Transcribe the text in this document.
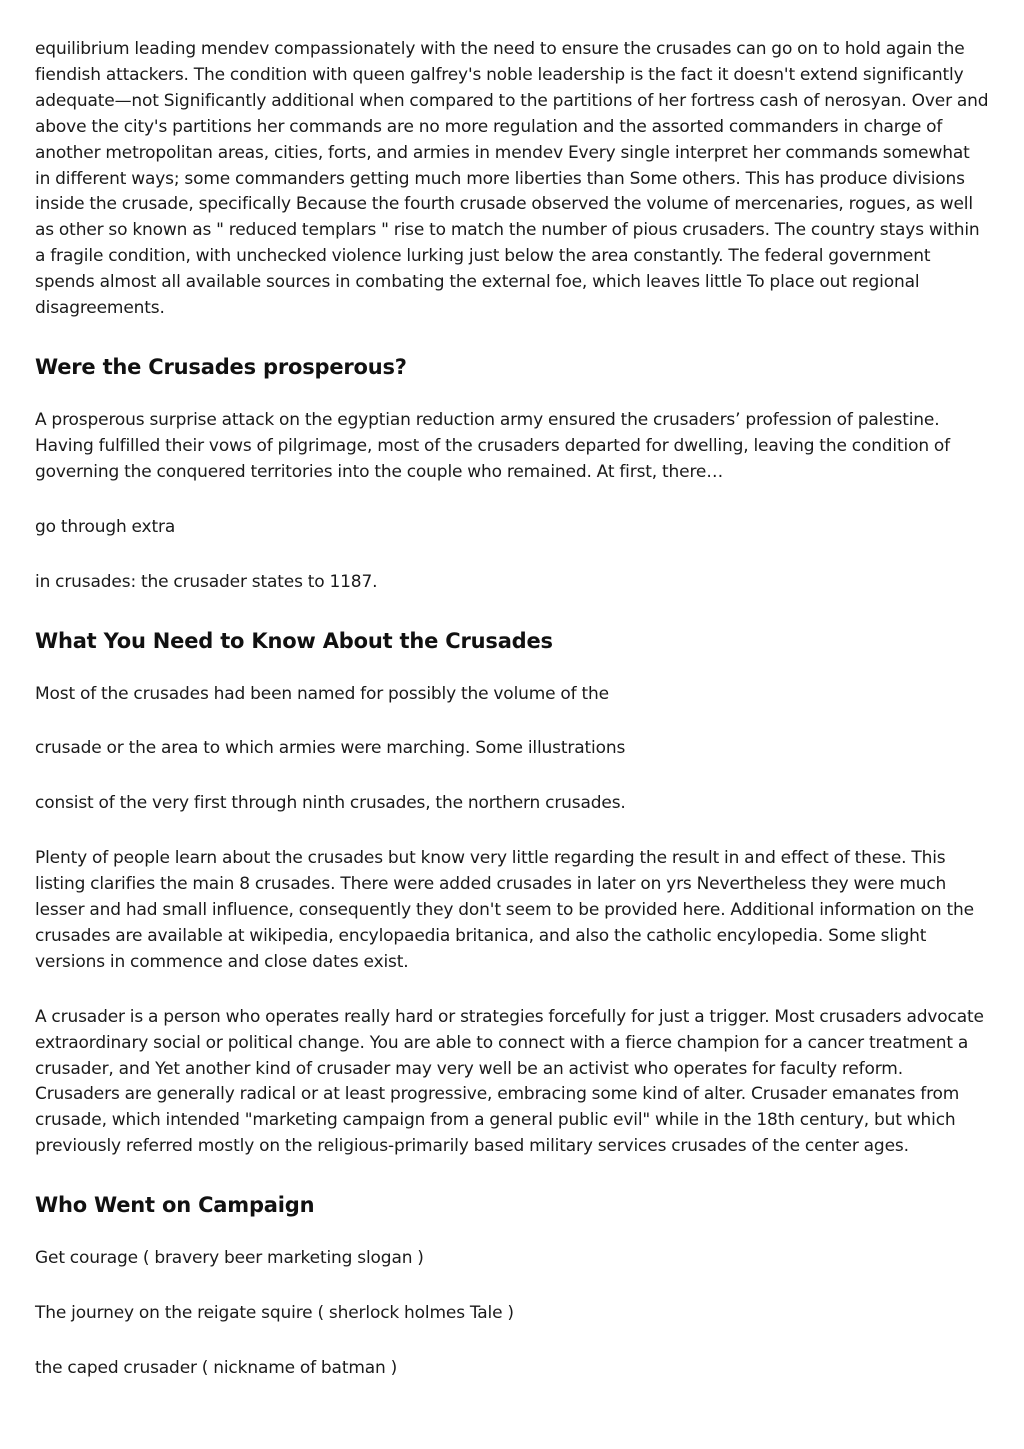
equilibrium leading mendev compassionately with the need to ensure the crusades can go on to hold again the fiendish attackers. The condition with queen galfrey's noble leadership is the fact it doesn't extend significantly adequate—not Significantly additional when compared to the partitions of her fortress cash of nerosyan. Over and above the city's partitions her commands are no more regulation and the assorted commanders in charge of another metropolitan areas, cities, forts, and armies in mendev Every single interpret her commands somewhat in different ways; some commanders getting much more liberties than Some others. This has produce divisions inside the crusade, specifically Because the fourth crusade observed the volume of mercenaries, rogues, as well as other so known as " reduced templars " rise to match the number of pious crusaders. The country stays within a fragile condition, with unchecked violence lurking just below the area constantly. The federal government spends almost all available sources in combating the external foe, which leaves little To place out regional disagreements.

Were the Crusades prosperous?

A prosperous surprise attack on the egyptian reduction army ensured the crusaders’ profession of palestine. Having fulfilled their vows of pilgrimage, most of the crusaders departed for dwelling, leaving the condition of governing the conquered territories into the couple who remained. At first, there…

go through extra

in crusades: the crusader states to 1187.

What You Need to Know About the Crusades

Most of the crusades had been named for possibly the volume of the

crusade or the area to which armies were marching. Some illustrations

consist of the very first through ninth crusades, the northern crusades.

Plenty of people learn about the crusades but know very little regarding the result in and effect of these. This listing clarifies the main 8 crusades. There were added crusades in later on yrs Nevertheless they were much lesser and had small influence, consequently they don't seem to be provided here. Additional information on the crusades are available at wikipedia, encylopaedia britanica, and also the catholic encylopedia. Some slight versions in commence and close dates exist.

A crusader is a person who operates really hard or strategies forcefully for just a trigger. Most crusaders advocate extraordinary social or political change. You are able to connect with a fierce champion for a cancer treatment a crusader, and Yet another kind of crusader may very well be an activist who operates for faculty reform. Crusaders are generally radical or at least progressive, embracing some kind of alter. Crusader emanates from crusade, which intended "marketing campaign from a general public evil" while in the 18th century, but which previously referred mostly on the religious-primarily based military services crusades of the center ages.

Who Went on Campaign

Get courage ( bravery beer marketing slogan )

The journey on the reigate squire ( sherlock holmes Tale )

the caped crusader ( nickname of batman )
